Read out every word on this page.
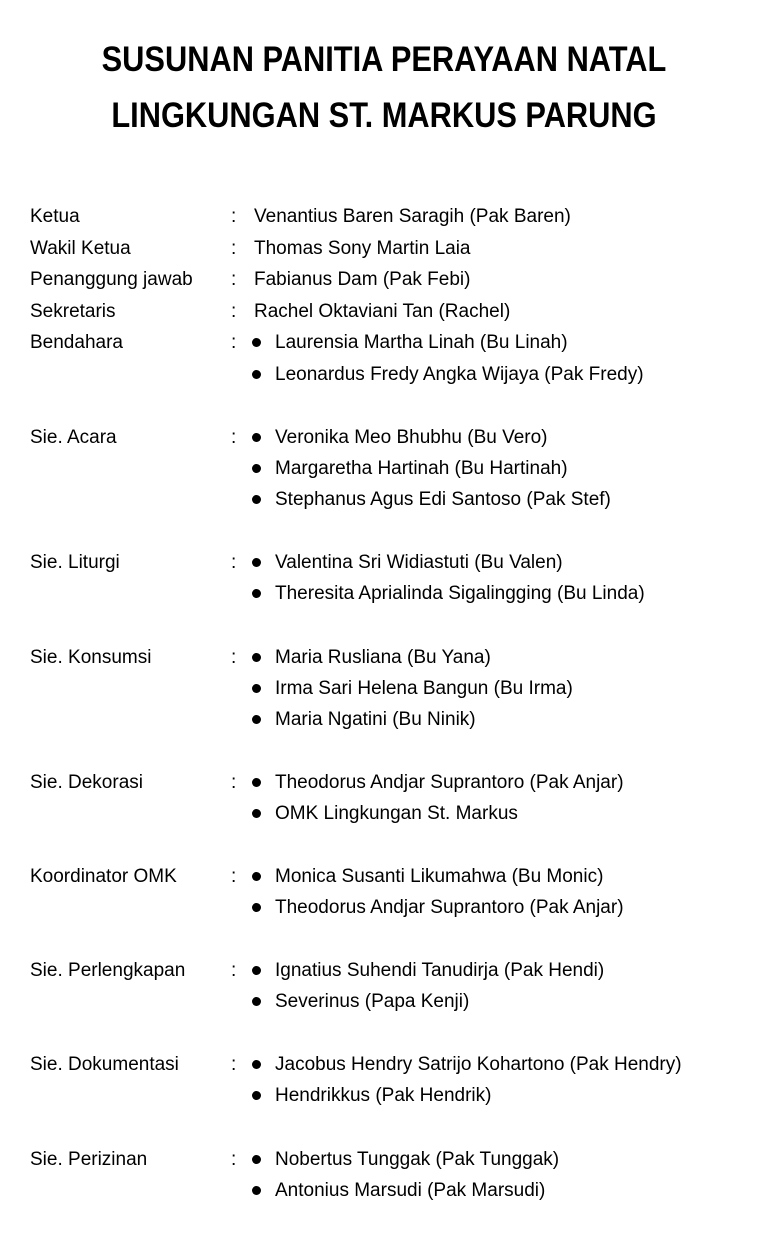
SUSUNAN PANITIA PERAYAAN NATAL
LINGKUNGAN ST. MARKUS PARUNG
Ketua	: Venantius Baren Saragih (Pak Baren)
Wakil Ketua	: Thomas Sony Martin Laia
Penanggung jawab : Fabianus Dam (Pak Febi)
Sekretaris	: Rachel Oktaviani Tan (Rachel)
Bendahara	: Laurensia Martha Linah (Bu Linah)
Leonardus Fredy Angka Wijaya (Pak Fredy)
Sie. Acara	: Veronika Meo Bhubhu (Bu Vero)
Margaretha Hartinah (Bu Hartinah)
Stephanus Agus Edi Santoso (Pak Stef)
Sie. Liturgi	: Valentina Sri Widiastuti (Bu Valen)
Theresita Aprialinda Sigalingging (Bu Linda)
Sie. Konsumsi	: Maria Rusliana (Bu Yana)
Irma Sari Helena Bangun (Bu Irma)
Maria Ngatini (Bu Ninik)
Sie. Dekorasi	: Theodorus Andjar Suprantoro (Pak Anjar)
OMK Lingkungan St. Markus
Koordinator OMK	: Monica Susanti Likumahwa (Bu Monic)
Theodorus Andjar Suprantoro (Pak Anjar)
Sie. Perlengkapan : Ignatius Suhendi Tanudirja (Pak Hendi)
Severinus (Papa Kenji)
Sie. Dokumentasi	: Jacobus Hendry Satrijo Kohartono (Pak Hendry)
Hendrikkus (Pak Hendrik)
Sie. Perizinan	: Nobertus Tunggak (Pak Tunggak)
Antonius Marsudi (Pak Marsudi)
